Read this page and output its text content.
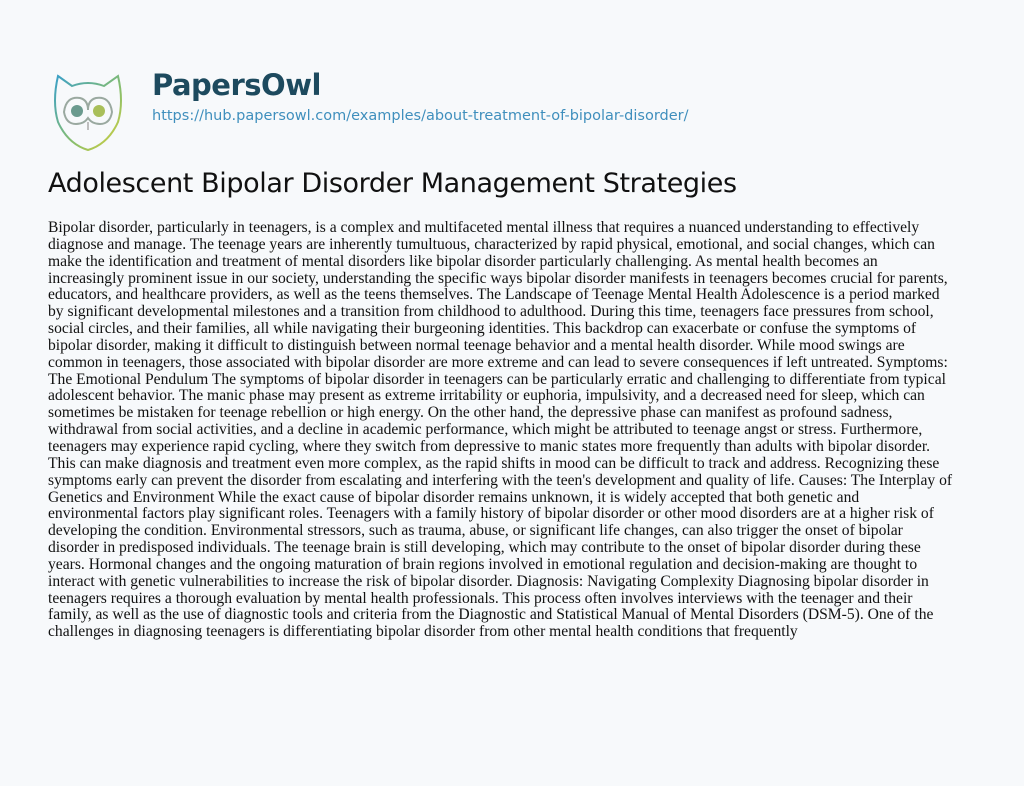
PapersOwl
https://hub.papersowl.com/examples/about-treatment-of-bipolar-disorder/
Adolescent Bipolar Disorder Management Strategies
Bipolar disorder, particularly in teenagers, is a complex and multifaceted mental illness that requires a nuanced understanding to effectively
diagnose and manage. The teenage years are inherently tumultuous, characterized by rapid physical, emotional, and social changes, which can
make the identification and treatment of mental disorders like bipolar disorder particularly challenging. As mental health becomes an
increasingly prominent issue in our society, understanding the specific ways bipolar disorder manifests in teenagers becomes crucial for parents,
educators, and healthcare providers, as well as the teens themselves. The Landscape of Teenage Mental Health Adolescence is a period marked
by significant developmental milestones and a transition from childhood to adulthood. During this time, teenagers face pressures from school,
social circles, and their families, all while navigating their burgeoning identities. This backdrop can exacerbate or confuse the symptoms of
bipolar disorder, making it difficult to distinguish between normal teenage behavior and a mental health disorder. While mood swings are
common in teenagers, those associated with bipolar disorder are more extreme and can lead to severe consequences if left untreated. Symptoms:
The Emotional Pendulum The symptoms of bipolar disorder in teenagers can be particularly erratic and challenging to differentiate from typical
adolescent behavior. The manic phase may present as extreme irritability or euphoria, impulsivity, and a decreased need for sleep, which can
sometimes be mistaken for teenage rebellion or high energy. On the other hand, the depressive phase can manifest as profound sadness,
withdrawal from social activities, and a decline in academic performance, which might be attributed to teenage angst or stress. Furthermore,
teenagers may experience rapid cycling, where they switch from depressive to manic states more frequently than adults with bipolar disorder.
This can make diagnosis and treatment even more complex, as the rapid shifts in mood can be difficult to track and address. Recognizing these
symptoms early can prevent the disorder from escalating and interfering with the teen's development and quality of life. Causes: The Interplay of
Genetics and Environment While the exact cause of bipolar disorder remains unknown, it is widely accepted that both genetic and
environmental factors play significant roles. Teenagers with a family history of bipolar disorder or other mood disorders are at a higher risk of
developing the condition. Environmental stressors, such as trauma, abuse, or significant life changes, can also trigger the onset of bipolar
disorder in predisposed individuals. The teenage brain is still developing, which may contribute to the onset of bipolar disorder during these
years. Hormonal changes and the ongoing maturation of brain regions involved in emotional regulation and decision-making are thought to
interact with genetic vulnerabilities to increase the risk of bipolar disorder. Diagnosis: Navigating Complexity Diagnosing bipolar disorder in
teenagers requires a thorough evaluation by mental health professionals. This process often involves interviews with the teenager and their
family, as well as the use of diagnostic tools and criteria from the Diagnostic and Statistical Manual of Mental Disorders (DSM-5). One of the
challenges in diagnosing teenagers is differentiating bipolar disorder from other mental health conditions that frequently
